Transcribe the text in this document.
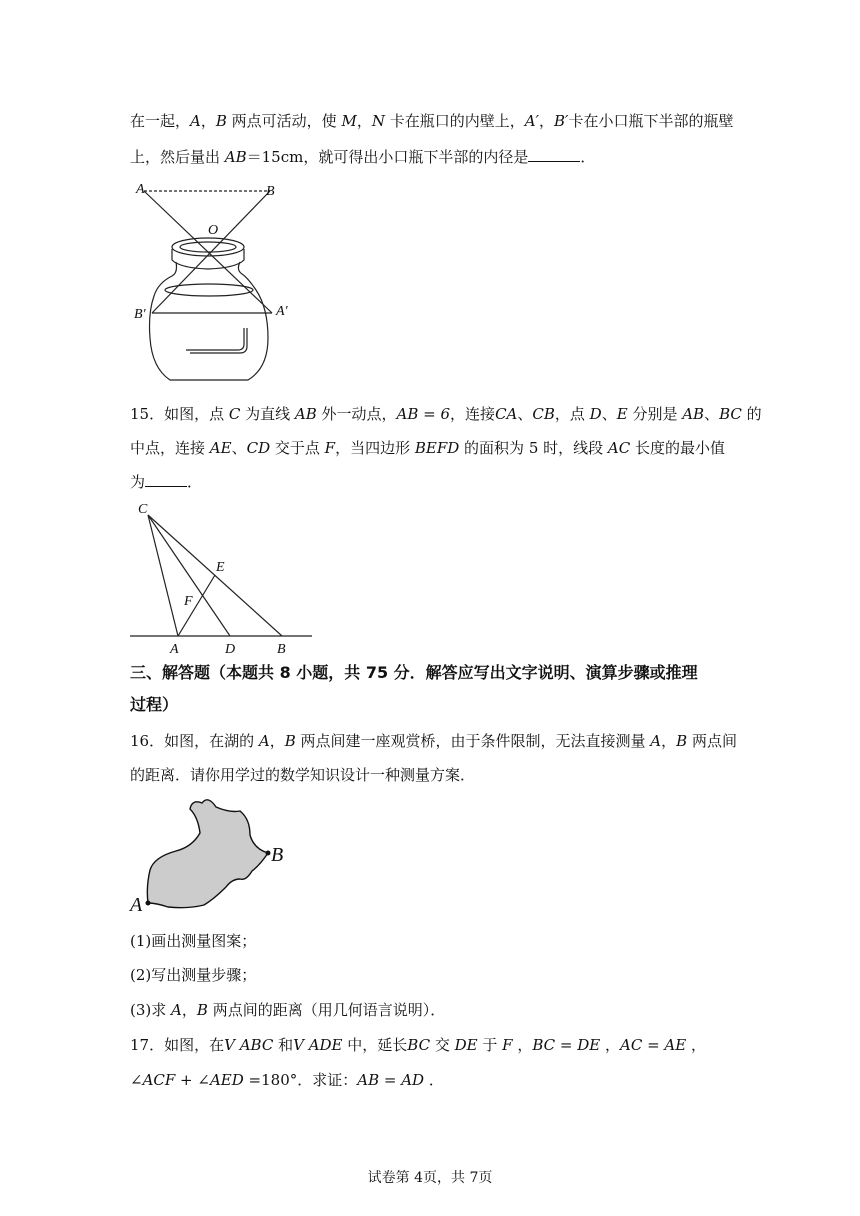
在一起，A，B 两点可活动，使 M，N 卡在瓶口的内壁上，A′，B′卡在小口瓶下半部的瓶壁
上，然后量出 AB＝15cm，就可得出小口瓶下半部的内径是	．
A	B
O
B′	A′
15．如图，点 C 为直线 AB 外一动点，AB = 6，连接CA、CB，点 D、E 分别是 AB、BC 的
中点，连接 AE、CD 交于点 F，当四边形 BEFD 的面积为 5 时，线段 AC 长度的最小值
为	．
C
E
F
A	D	B
三、解答题（本题共 8 小题，共 75 分．解答应写出文字说明、演算步骤或推理
过程）
16．如图，在湖的 A，B 两点间建一座观赏桥，由于条件限制，无法直接测量 A，B 两点间
的距离．请你用学过的数学知识设计一种测量方案．
A
B
(1)画出测量图案；
(2)写出测量步骤；
(3)求 A，B 两点间的距离（用几何语言说明）．
17．如图，在V ABC 和V ADE 中，延长BC 交 DE 于 F ，BC = DE ，AC = AE ，
∠ACF + ∠AED =180°．求证：AB = AD ．
试卷第 4页，共 7页
